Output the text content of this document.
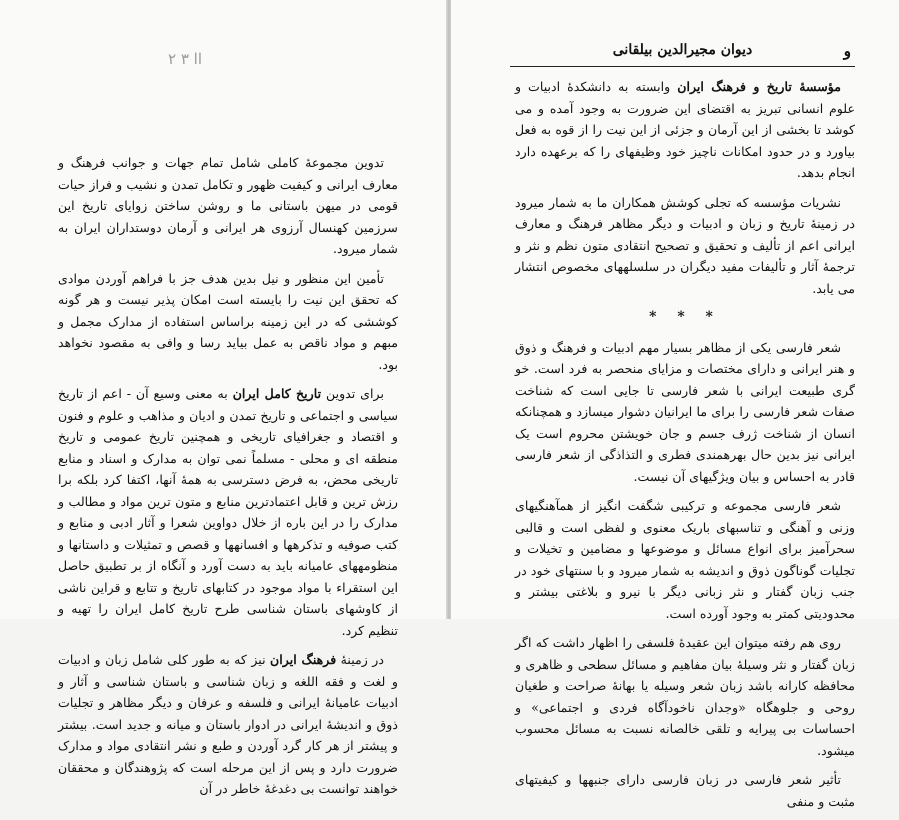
اا ۳ ۲	و
دیوان مجیرالدین بیلقانی

تدوین مجموعهٔ کاملی شامل تمام جهات و جوانب فرهنگ و معارف ایرانی و کیفیت ظهور و تکامل تمدن و نشیب و فراز حیات قومی در میهن باستانی ما و روشن ساختن زوایای تاریخ این سرزمین کهنسال آرزوی هر ایرانی و آرمان دوستداران ایران به شمار میرود.

تأمین این منظور و نیل بدین هدف جز با فراهم آوردن موادی که تحقق این نیت را بایسته است امکان پذیر نیست و هر گونه کوششی که در این زمینه براساس استفاده از مدارک مجمل و مبهم و مواد ناقص به عمل بیاید رسا و وافی به مقصود نخواهد بود.

برای تدوین تاریخ کامل ایران به معنی وسیع آن - اعم از تاریخ سیاسی و اجتماعی و تاریخ تمدن و ادیان و مذاهب و علوم و فنون و اقتصاد و جغرافیای تاریخی و همچنین تاریخ عمومی و تاریخ منطقه ای و محلی - مسلماً نمی توان به مدارک و اسناد و منابع تاریخی محض، به فرض دسترسی به همهٔ آنها، اکتفا کرد بلکه برا رزش ترین و قابل اعتمادترین منابع و متون ترین مواد و مطالب و مدارک را در این باره از خلال دواوین شعرا و آثار ادبی و منابع و کتب صوفیه و تذکرهها و افسانهها و قصص و تمثیلات و داستانها و منظومههای عامیانه باید به دست آورد و آنگاه از بر تطبیق حاصل این استقراء با مواد موجود در کتابهای تاریخ و تتابع و قراین ناشی از کاوشهای باستان شناسی طرح تاریخ کامل ایران را تهیه و تنظیم کرد.

در زمینهٔ فرهنگ ایران نیز که به طور کلی شامل زبان و ادبیات و لغت و فقه اللغه و زبان شناسی و باستان شناسی و آثار و ادبیات عامیانهٔ ایرانی و فلسفه و عرفان و دیگر مظاهر و تجلیات ذوق و اندیشهٔ ایرانی در ادوار باستان و میانه و جدید است. بیشتر و پیشتر از هر کار گرد آوردن و طبع و نشر انتقادی مواد و مدارک ضرورت دارد و پس از این مرحله است که پژوهندگان و محققان خواهند توانست بی دغدغهٔ خاطر در آن

مؤسسهٔ تاریخ و فرهنگ ایران وابسته به دانشکدهٔ ادبیات و علوم انسانی تبریز به اقتضای این ضرورت به وجود آمده و می کوشد تا بخشی از این آرمان و جزئی از این نیت را از قوه به فعل بیاورد و در حدود امکانات ناچیز خود وظیفهای را که برعهده دارد انجام بدهد.

نشریات مؤسسه که تجلی کوشش همکاران ما به شمار میرود در زمینهٔ تاریخ و زبان و ادبیات و دیگر مظاهر فرهنگ و معارف ایرانی اعم از تألیف و تحقیق و تصحیح انتقادی متون نظم و نثر و ترجمهٔ آثار و تألیفات مفید دیگران در سلسلههای مخصوص انتشار می یابد.

* * *

شعر فارسی یکی از مظاهر بسیار مهم ادبیات و فرهنگ و ذوق و هنر ایرانی و دارای مختصات و مزایای منحصر به فرد است. خو گری طبیعت ایرانی با شعر فارسی تا جایی است که شناخت صفات شعر فارسی را برای ما ایرانیان دشوار میسازد و همچنانکه انسان از شناخت ژرف جسم و جان خویشتن محروم است یک ایرانی نیز بدین حال بهرهمندی فطری و التذاذگی از شعر فارسی قادر به احساس و بیان ویژگیهای آن نیست.

شعر فارسی مجموعه و ترکیبی شگفت انگیز از همآهنگیهای وزنی و آهنگی و تناسبهای باریک معنوی و لفظی است و قالبی سحرآمیز برای انواع مسائل و موضوعها و مضامین و تخیلات و تجلیات گوناگون ذوق و اندیشه به شمار میرود و با سنتهای خود در جنب زبان گفتار و نثر زبانی دیگر با نیرو و بلاغتی بیشتر و محدودیتی کمتر به وجود آورده است.

روی هم رفته میتوان این عقیدهٔ فلسفی را اظهار داشت که اگر زبان گفتار و نثر وسیلهٔ بیان مفاهیم و مسائل سطحی و ظاهری و محافظه کارانه باشد زبان شعر وسیله یا بهانهٔ صراحت و طغیان روحی و جلوهگاه «وجدان ناخودآگاه فردی و اجتماعی» و احساسات بی پیرایه و تلقی خالصانه نسبت به مسائل محسوب میشود.

تأثیر شعر فارسی در زبان فارسی دارای جنبهها و کیفیتهای مثبت و منفی
